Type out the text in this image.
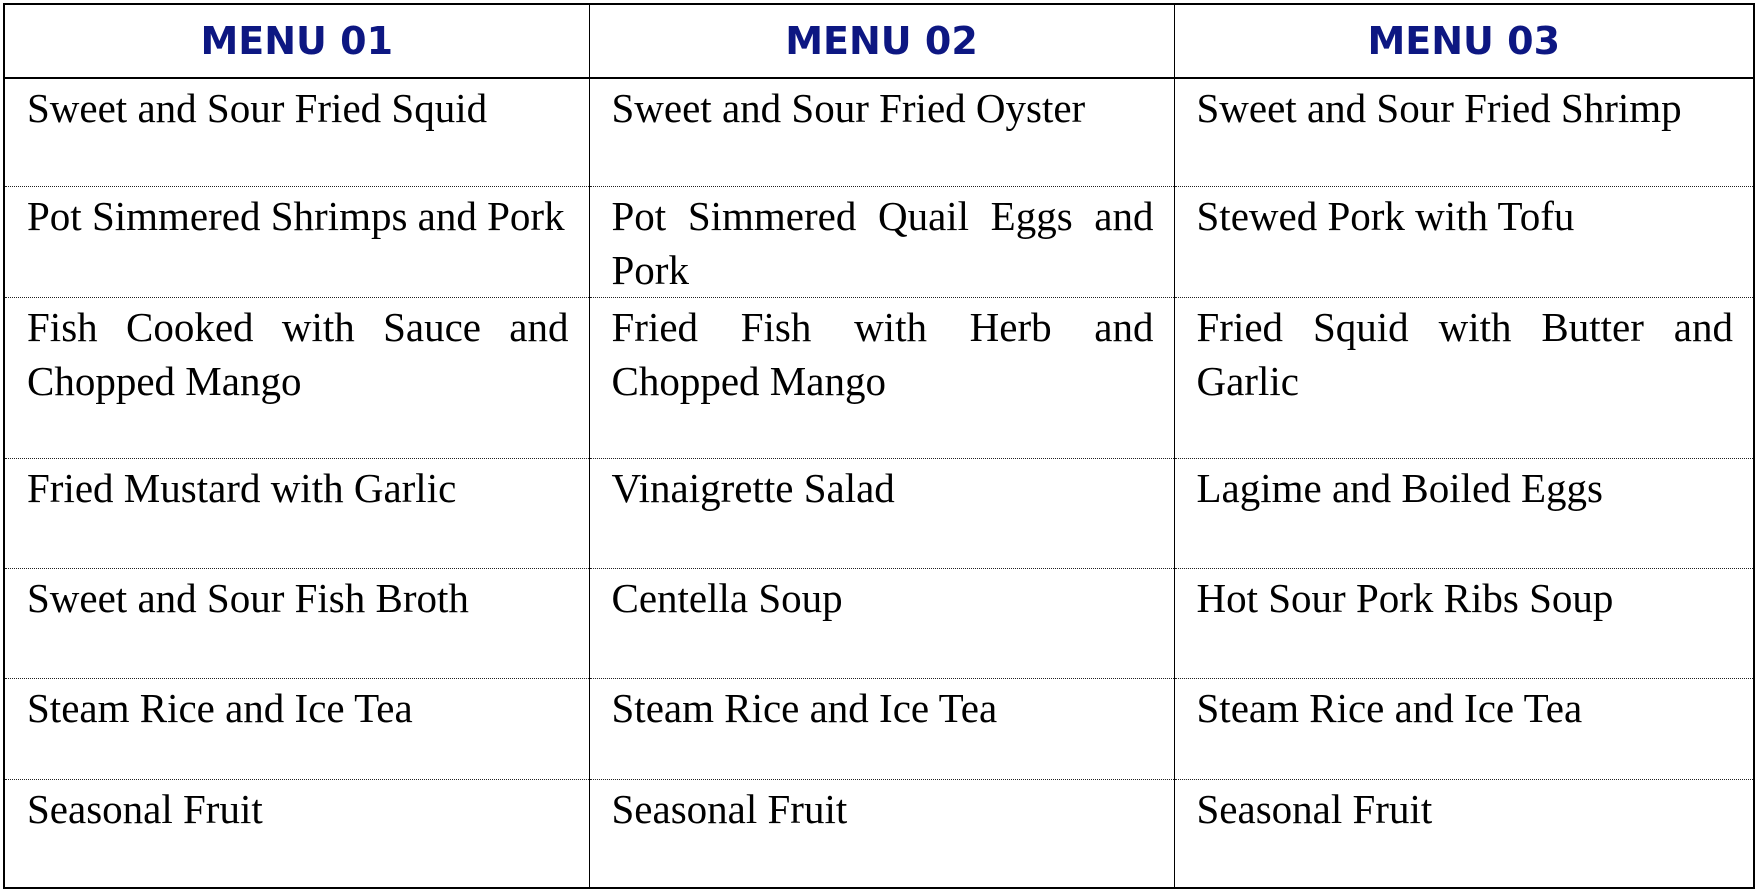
MENU 01	MENU 02	MENU 03
Sweet and Sour Fried Squid	Sweet and Sour Fried Oyster	Sweet and Sour Fried Shrimp
Pot Simmered Shrimps and Pork	Pot Simmered Quail Eggs and Pork	Stewed Pork with Tofu
Fish Cooked with Sauce and Chopped Mango	Fried Fish with Herb and Chopped Mango	Fried Squid with Butter and Garlic
Fried Mustard with Garlic	Vinaigrette Salad	Lagime and Boiled Eggs
Sweet and Sour Fish Broth	Centella Soup	Hot Sour Pork Ribs Soup
Steam Rice and Ice Tea	Steam Rice and Ice Tea	Steam Rice and Ice Tea
Seasonal Fruit	Seasonal Fruit	Seasonal Fruit
